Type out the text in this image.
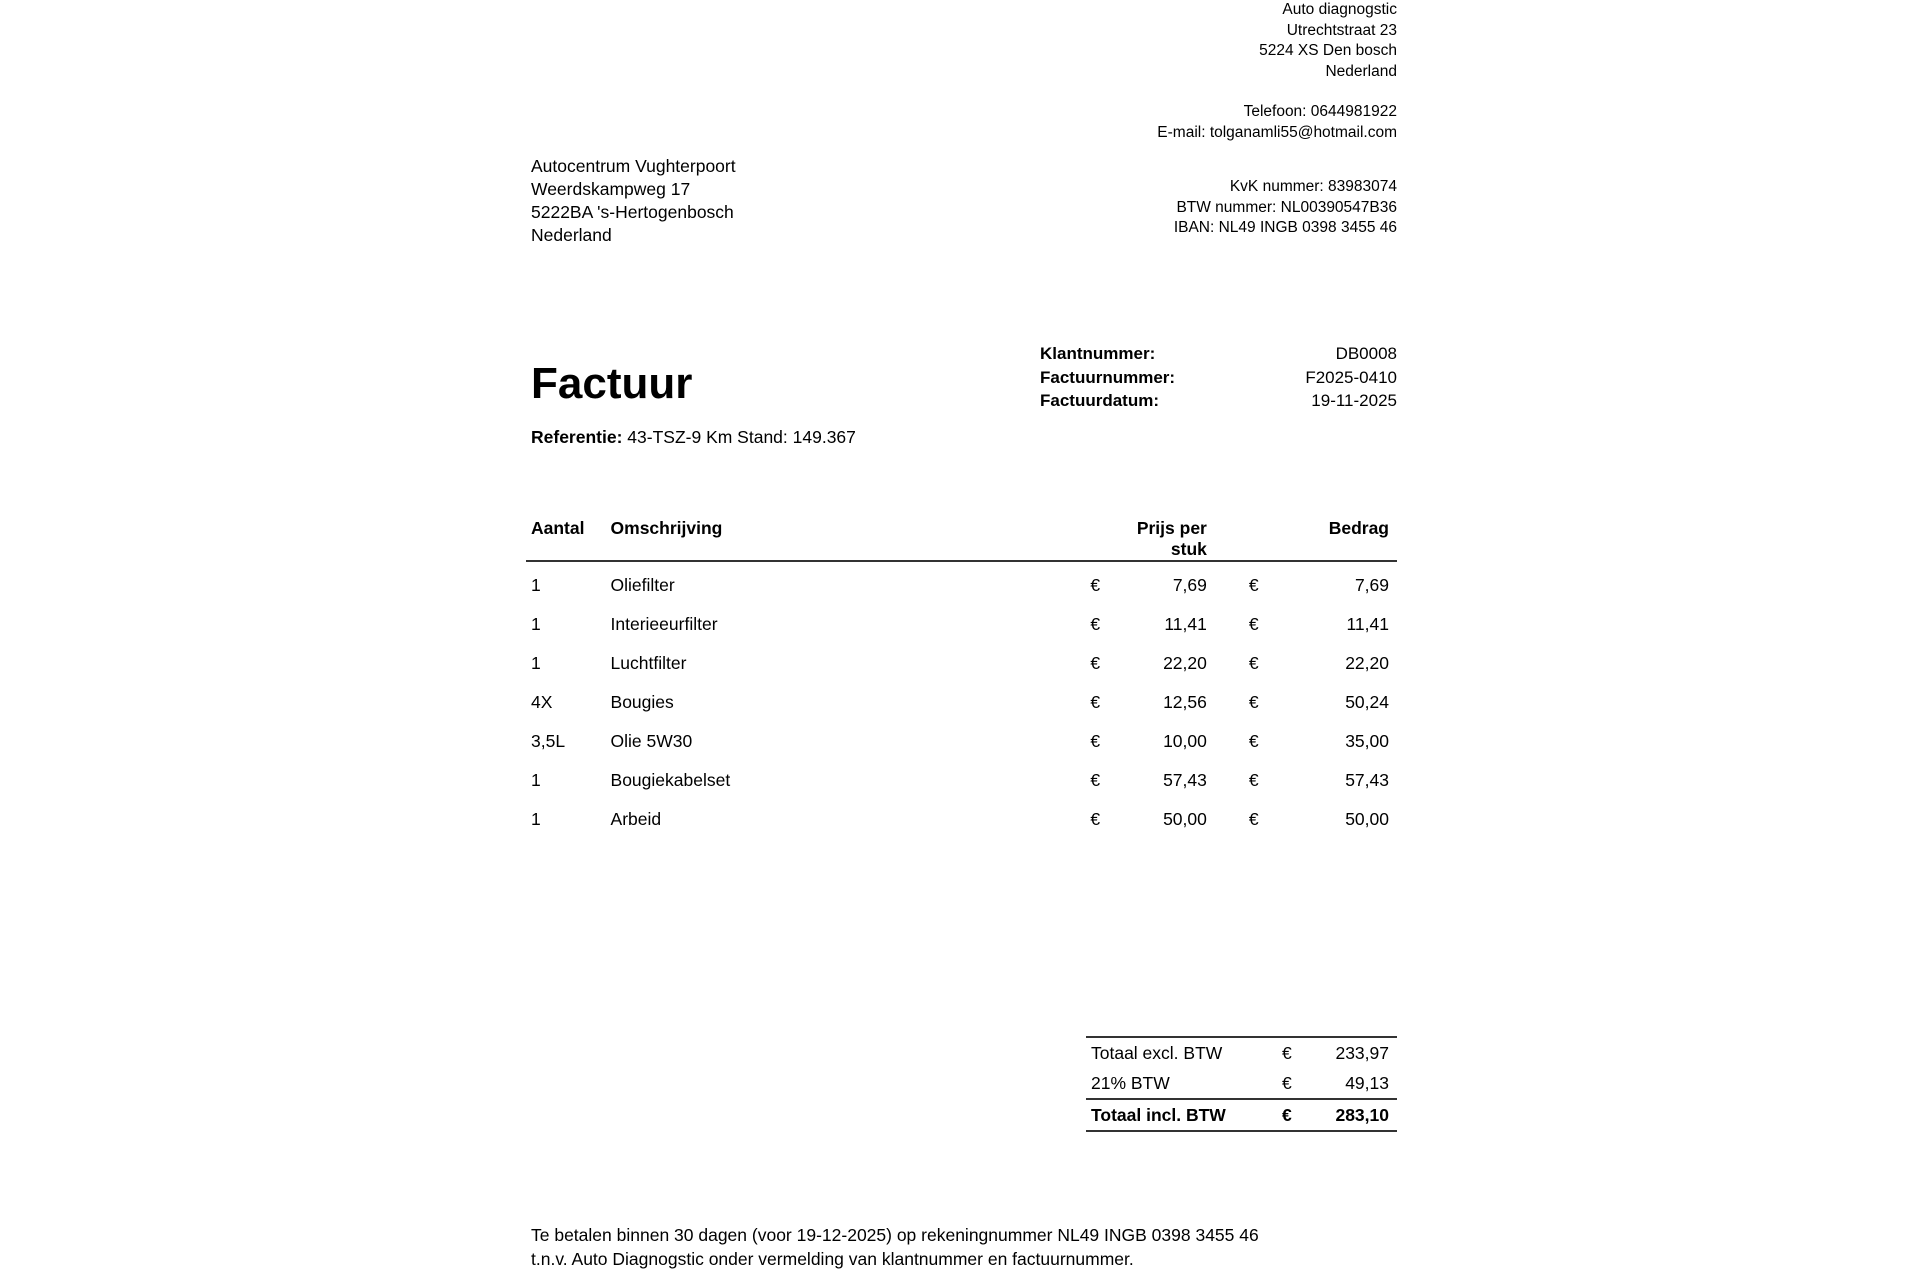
Auto diagnogstic
Utrechtstraat 23
5224 XS Den bosch
Nederland
Telefoon: 0644981922
E-mail: tolganamli55@hotmail.com
Autocentrum Vughterpoort
Weerdskampweg 17
5222BA 's-Hertogenbosch
Nederland
KvK nummer: 83983074
BTW nummer: NL00390547B36
IBAN: NL49 INGB 0398 3455 46
Klantnummer:	DB0008
Factuurnummer:	F2025-0410
Factuurdatum:	19-11-2025
Factuur
Referentie: 43-TSZ-9 Km Stand: 149.367
Aantal	Omschrijving		Prijs per stuk		Bedrag
1	Oliefilter	€	7,69	€	7,69
1	Interieeurfilter	€	11,41	€	11,41
1	Luchtfilter	€	22,20	€	22,20
4X	Bougies	€	12,56	€	50,24
3,5L	Olie 5W30	€	10,00	€	35,00
1	Bougiekabelset	€	57,43	€	57,43
1	Arbeid	€	50,00	€	50,00
Totaal excl. BTW	€	233,97
21% BTW	€	49,13
Totaal incl. BTW	€	283,10
Te betalen binnen 30 dagen (voor 19-12-2025) op rekeningnummer NL49 INGB 0398 3455 46
t.n.v. Auto Diagnogstic onder vermelding van klantnummer en factuurnummer.
